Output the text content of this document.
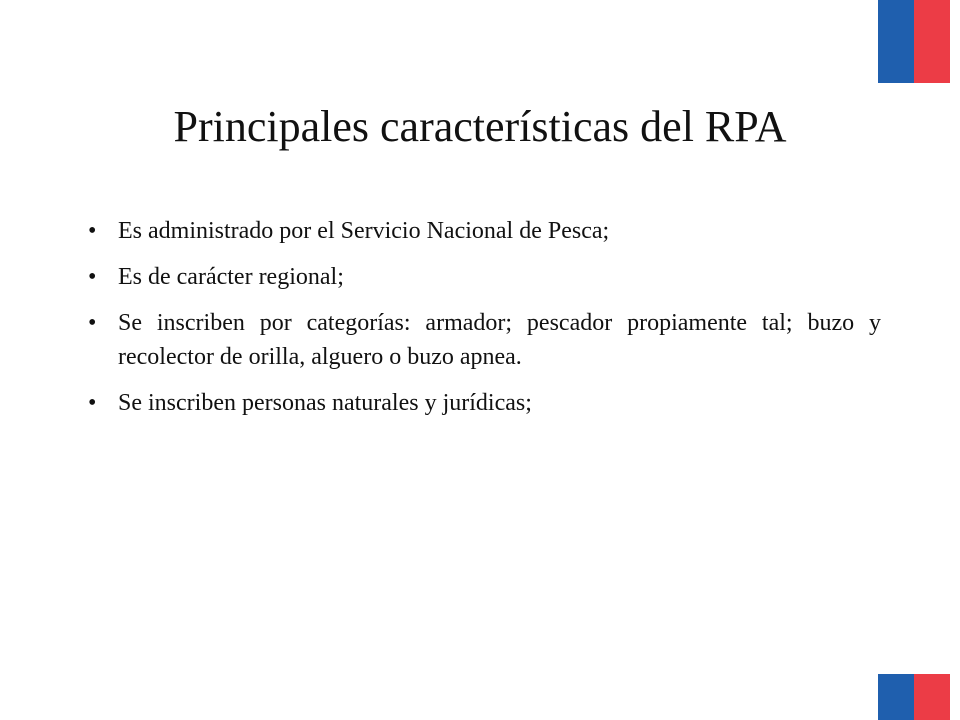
Principales características del RPA
• Es administrado por el Servicio Nacional de Pesca;
• Es de carácter regional;
• Se inscriben por categorías: armador; pescador propiamente tal; buzo y recolector de orilla, alguero o buzo apnea.
• Se inscriben personas naturales y jurídicas;
